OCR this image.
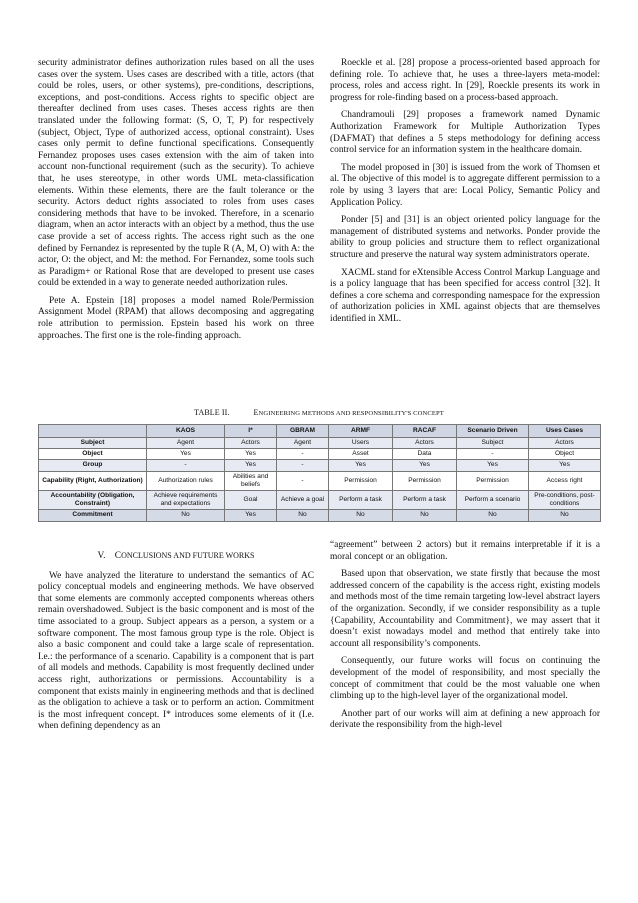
security administrator defines authorization rules based on all the uses cases over the system. Uses cases are described with a title, actors (that could be roles, users, or other systems), pre-conditions, descriptions, exceptions, and post-conditions. Access rights to specific object are thereafter declined from uses cases. Theses access rights are then translated under the following format: (S, O, T, P) for respectively (subject, Object, Type of authorized access, optional constraint). Uses cases only permit to define functional specifications. Consequently Fernandez proposes uses cases extension with the aim of taken into account non-functional requirement (such as the security). To achieve that, he uses stereotype, in other words UML meta-classification elements. Within these elements, there are the fault tolerance or the security. Actors deduct rights associated to roles from uses cases considering methods that have to be invoked. Therefore, in a scenario diagram, when an actor interacts with an object by a method, thus the use case provide a set of access rights. The access right such as the one defined by Fernandez is represented by the tuple R (A, M, O) with A: the actor, O: the object, and M: the method. For Fernandez, some tools such as Paradigm+ or Rational Rose that are developed to present use cases could be extended in a way to generate needed authorization rules.

Pete A. Epstein [18] proposes a model named Role/Permission Assignment Model (RPAM) that allows decomposing and aggregating role attribution to permission. Epstein based his work on three approaches. The first one is the role-finding approach.

Roeckle et al. [28] propose a process-oriented based approach for defining role. To achieve that, he uses a three-layers meta-model: process, roles and access right. In [29], Roeckle presents its work in progress for role-finding based on a process-based approach.

Chandramouli [29] proposes a framework named Dynamic Authorization Framework for Multiple Authorization Types (DAFMAT) that defines a 5 steps methodology for defining access control service for an information system in the healthcare domain.

The model proposed in [30] is issued from the work of Thomsen et al. The objective of this model is to aggregate different permission to a role by using 3 layers that are: Local Policy, Semantic Policy and Application Policy.

Ponder [5] and [31] is an object oriented policy language for the management of distributed systems and networks. Ponder provide the ability to group policies and structure them to reflect organizational structure and preserve the natural way system administrators operate.

XACML stand for eXtensible Access Control Markup Language and is a policy language that has been specified for access control [32]. It defines a core schema and corresponding namespace for the expression of authorization policies in XML against objects that are themselves identified in XML.

TABLE II.	ENGINEERING METHODS AND RESPONSIBILITY'S CONCEPT
	KAOS	I*	GBRAM	ARMF	RACAF	Scenario Driven	Uses Cases
Subject	Agent	Actors	Agent	Users	Actors	Subject	Actors
Object	Yes	Yes	-	Asset	Data	-	Object
Group	-	Yes	-	Yes	Yes	Yes	Yes
Capability (Right, Authorization)	Authorization rules	Abilities and beliefs	-	Permission	Permission	Permission	Access right
Accountability (Obligation, Constraint)	Achieve requirements and expectations	Goal	Achieve a goal	Perform a task	Perform a task	Perform a scenario	Pre-conditions, post-conditions
Commitment	No	Yes	No	No	No	No	No

V. CONCLUSIONS AND FUTURE WORKS

We have analyzed the literature to understand the semantics of AC policy conceptual models and engineering methods. We have observed that some elements are commonly accepted components whereas others remain overshadowed. Subject is the basic component and is most of the time associated to a group. Subject appears as a person, a system or a software component. The most famous group type is the role. Object is also a basic component and could take a large scale of representation. I.e.: the performance of a scenario. Capability is a component that is part of all models and methods. Capability is most frequently declined under access right, authorizations or permissions. Accountability is a component that exists mainly in engineering methods and that is declined as the obligation to achieve a task or to perform an action. Commitment is the most infrequent concept. I* introduces some elements of it (I.e. when defining dependency as an

“agreement” between 2 actors) but it remains interpretable if it is a moral concept or an obligation.

Based upon that observation, we state firstly that because the most addressed concern of the capability is the access right, existing models and methods most of the time remain targeting low-level abstract layers of the organization. Secondly, if we consider responsibility as a tuple {Capability, Accountability and Commitment}, we may assert that it doesn’t exist nowadays model and method that entirely take into account all responsibility’s components.

Consequently, our future works will focus on continuing the development of the model of responsibility, and most specially the concept of commitment that could be the most valuable one when climbing up to the high-level layer of the organizational model.

Another part of our works will aim at defining a new approach for derivate the responsibility from the high-level
